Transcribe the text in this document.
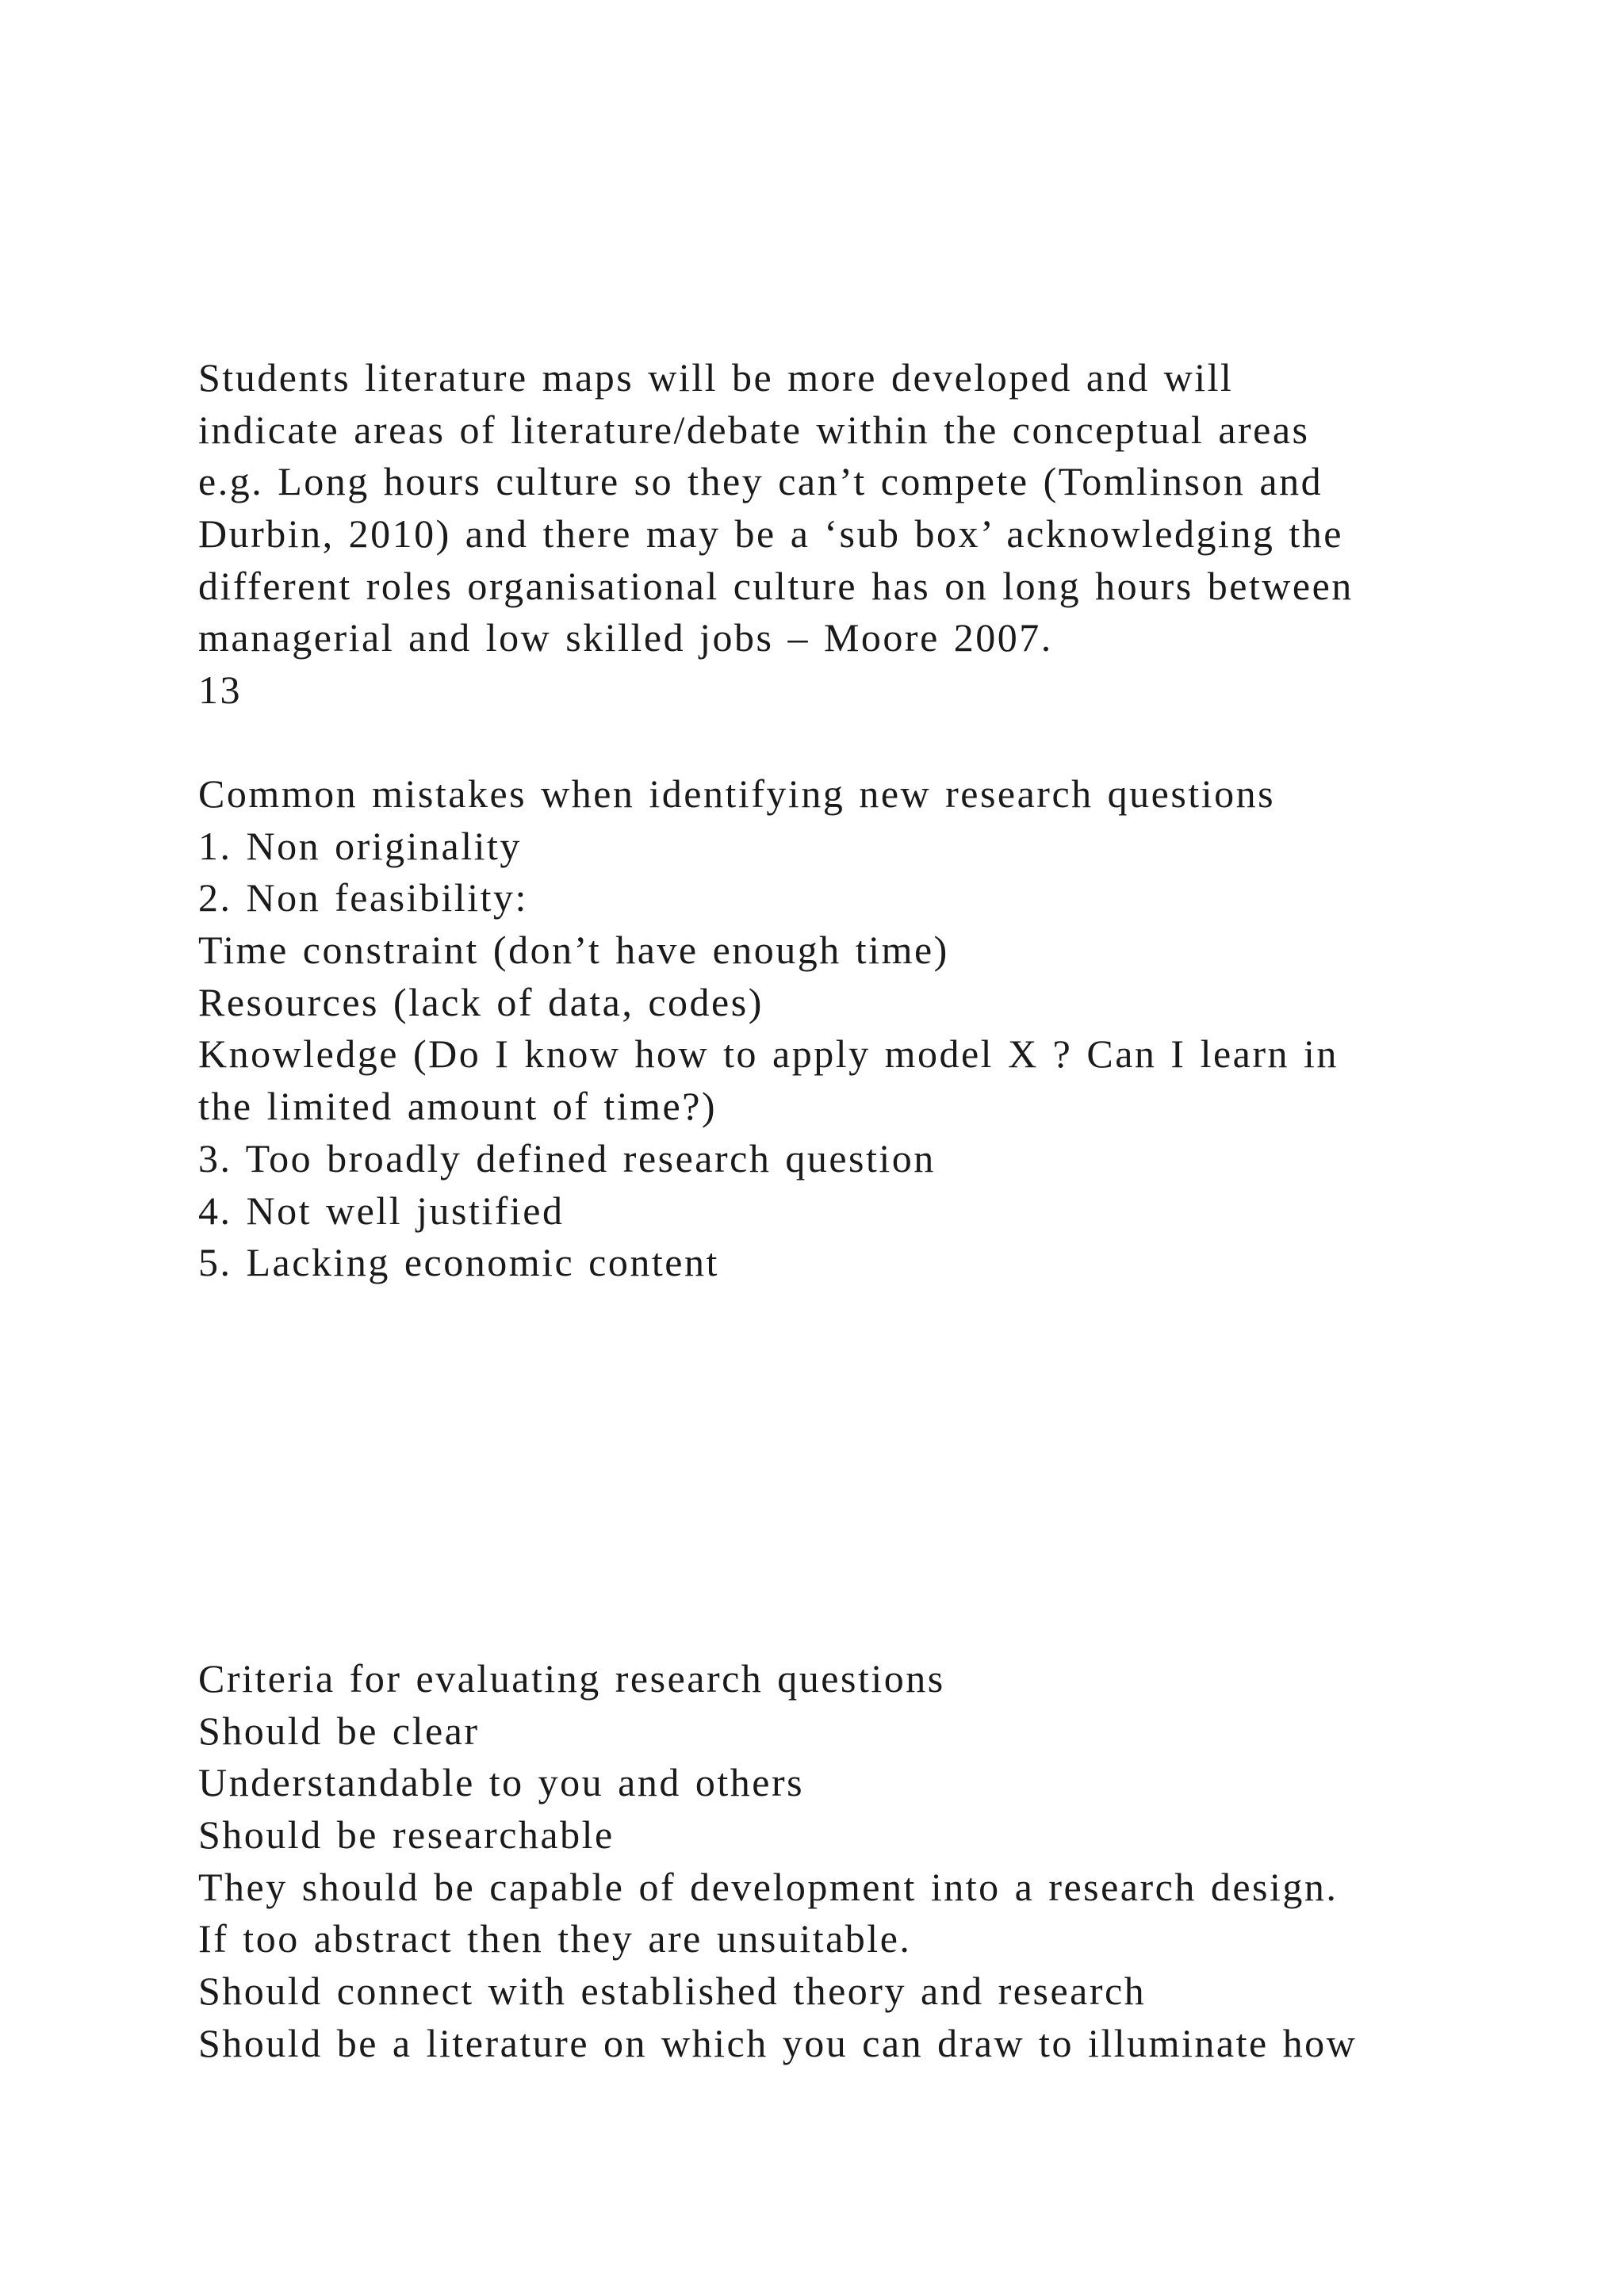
Students literature maps will be more developed and will
indicate areas of literature/debate within the conceptual areas
e.g. Long hours culture so they can’t compete (Tomlinson and
Durbin, 2010) and there may be a ‘sub box’ acknowledging the
different roles organisational culture has on long hours between
managerial and low skilled jobs – Moore 2007.
13
Common mistakes when identifying new research questions
1. Non originality
2. Non feasibility:
Time constraint (don’t have enough time)
Resources (lack of data, codes)
Knowledge (Do I know how to apply model X ? Can I learn in
the limited amount of time?)
3. Too broadly defined research question
4. Not well justified
5. Lacking economic content
Criteria for evaluating research questions
Should be clear
Understandable to you and others
Should be researchable
They should be capable of development into a research design.
If too abstract then they are unsuitable.
Should connect with established theory and research
Should be a literature on which you can draw to illuminate how
